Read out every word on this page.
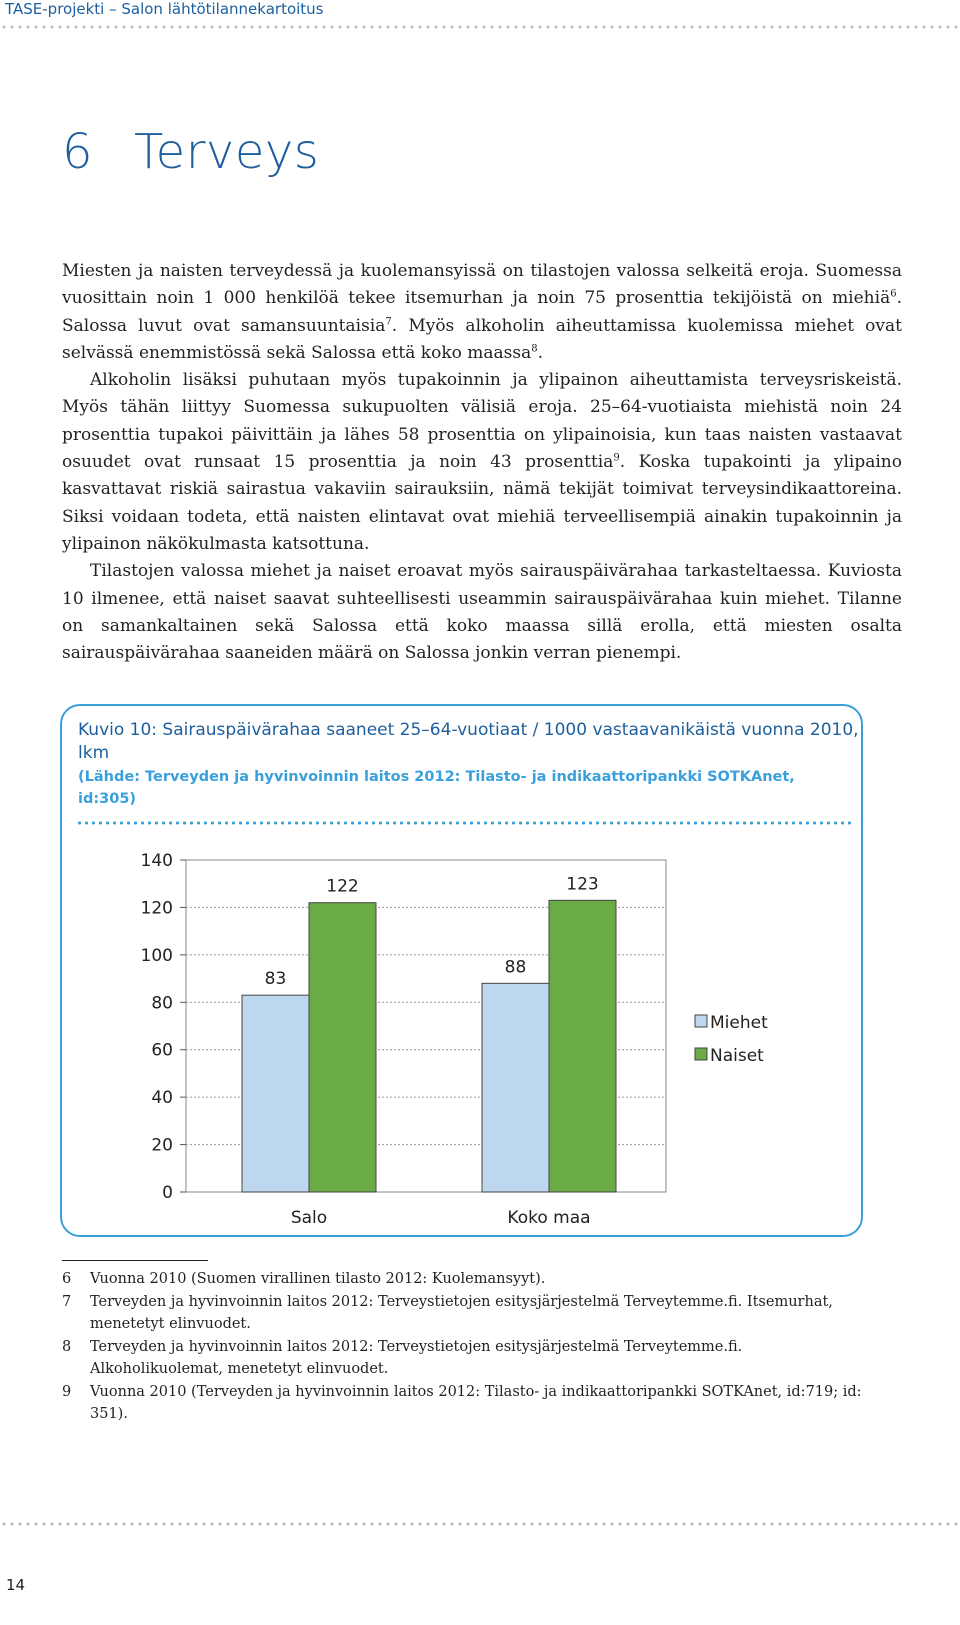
TASE-projekti – Salon lähtötilannekartoitus
6 Terveys

Miesten ja naisten terveydessä ja kuolemansyissä on tilastojen valossa selkeitä eroja. Suomessa vuosittain noin 1 000 henkilöä tekee itsemurhan ja noin 75 prosenttia tekijöistä on miehiä$^6$. Salossa luvut ovat samansuuntaisia$^7$. Myös alkoholin aiheuttamissa kuolemissa miehet ovat selvässä enemmistössä sekä Salossa että koko maassa$^8$.

Alkoholin lisäksi puhutaan myös tupakoinnin ja ylipainon aiheuttamista terveysriskeistä. Myös tähän liittyy Suomessa sukupuolten välisiä eroja. 25–64-vuotiaista miehistä noin 24 prosenttia tupakoi päivittäin ja lähes 58 prosenttia on ylipainoisia, kun taas naisten vastaavat osuudet ovat runsaat 15 prosenttia ja noin 43 prosenttia$^9$. Koska tupakointi ja ylipaino kasvattavat riskiä sairastua vakaviin sairauksiin, nämä tekijät toimivat terveysindikaattoreina. Siksi voidaan todeta, että naisten elintavat ovat miehiä terveellisempiä ainakin tupakoinnin ja ylipainon näkökulmasta katsottuna.

Tilastojen valossa miehet ja naiset eroavat myös sairauspäivärahaa tarkasteltaessa. Kuviosta 10 ilmenee, että naiset saavat suhteellisesti useammin sairauspäivärahaa kuin miehet. Tilanne on samankaltainen sekä Salossa että koko maassa sillä erolla, että miesten osalta sairauspäivärahaa saaneiden määrä on Salossa jonkin verran pienempi.

Kuvio 10: Sairauspäivärahaa saaneet 25–64-vuotiaat / 1000 vastaavanikäistä vuonna 2010, lkm
(Lähde: Terveyden ja hyvinvoinnin laitos 2012: Tilasto- ja indikaattoripankki SOTKAnet, id:305)
0
20
40
60
80
100
120
140
83
122
Salo
88
123
Koko maa
Miehet
Naiset
6	Vuonna 2010 (Suomen virallinen tilasto 2012: Kuolemansyyt).
7	Terveyden ja hyvinvoinnin laitos 2012: Terveystietojen esitysjärjestelmä Terveytemme.fi. Itsemurhat, menetetyt elinvuodet.
8	Terveyden ja hyvinvoinnin laitos 2012: Terveystietojen esitysjärjestelmä Terveytemme.fi. Alkoholikuolemat, menetetyt elinvuodet.
9	Vuonna 2010 (Terveyden ja hyvinvoinnin laitos 2012: Tilasto- ja indikaattoripankki SOTKAnet, id:719; id: 351).
14
